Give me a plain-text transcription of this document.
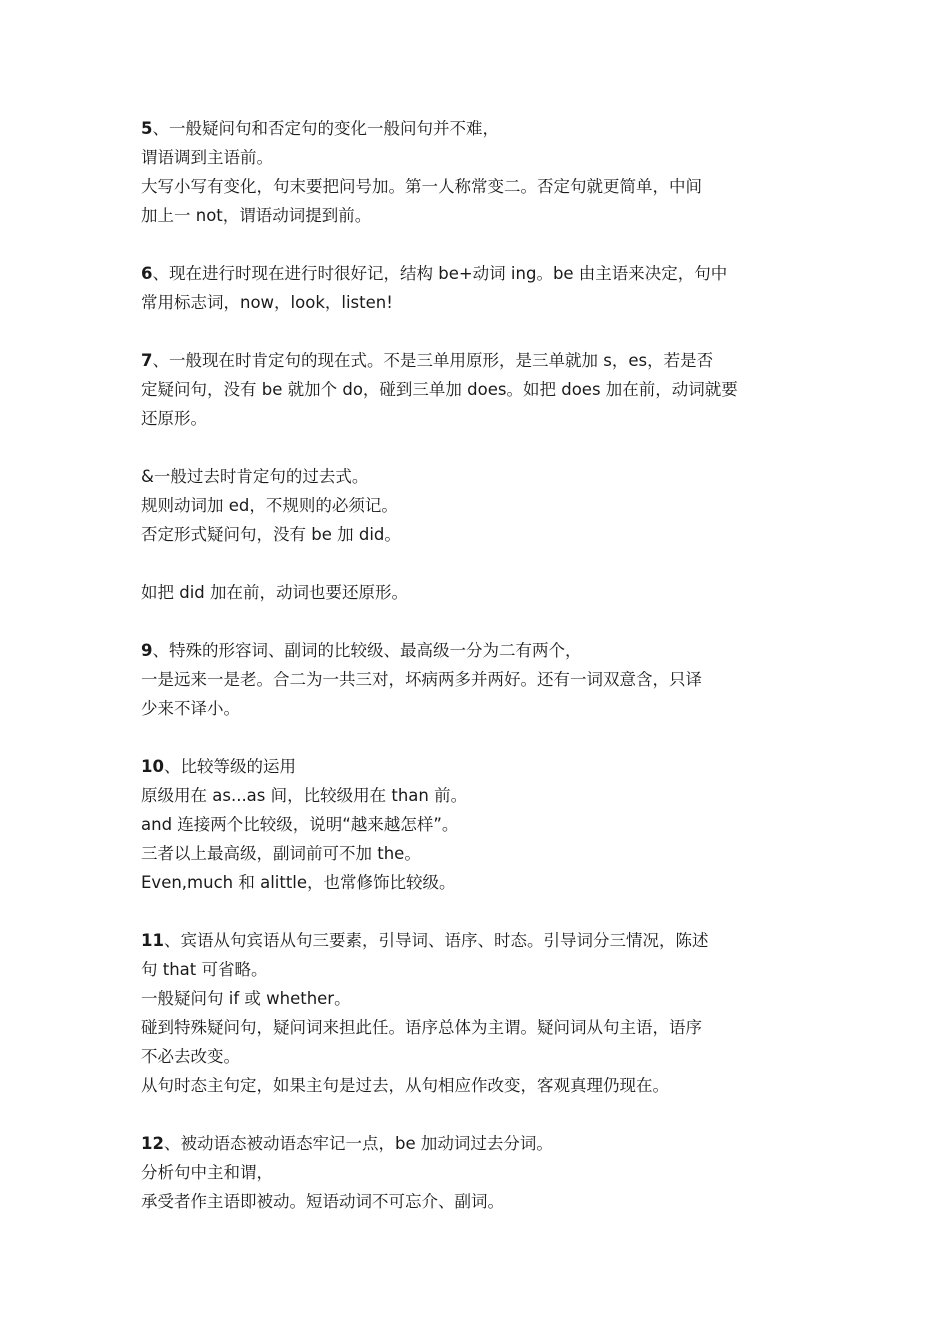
5、一般疑问句和否定句的变化一般问句并不难，
谓语调到主语前。
大写小写有变化，句末要把问号加。第一人称常变二。否定句就更简单，中间
加上一 not，谓语动词提到前。
6、现在进行时现在进行时很好记，结构 be+动词 ing。be 由主语来决定，句中
常用标志词，now，look，listen!
7、一般现在时肯定句的现在式。不是三单用原形，是三单就加 s，es，若是否
定疑问句，没有 be 就加个 do，碰到三单加 does。如把 does 加在前，动词就要
还原形。
&一般过去时肯定句的过去式。
规则动词加 ed，不规则的必须记。
否定形式疑问句，没有 be 加 did。
如把 did 加在前，动词也要还原形。
9、特殊的形容词、副词的比较级、最高级一分为二有两个，
一是远来一是老。合二为一共三对，坏病两多并两好。还有一词双意含，只译
少来不译小。
10、比较等级的运用
原级用在 as...as 间，比较级用在 than 前。
and 连接两个比较级，说明“越来越怎样”。
三者以上最高级，副词前可不加 the。
Even,much 和 alittle，也常修饰比较级。
11、宾语从句宾语从句三要素，引导词、语序、时态。引导词分三情况，陈述
句 that 可省略。
一般疑问句 if 或 whether。
碰到特殊疑问句，疑问词来担此任。语序总体为主谓。疑问词从句主语，语序
不必去改变。
从句时态主句定，如果主句是过去，从句相应作改变，客观真理仍现在。
12、被动语态被动语态牢记一点，be 加动词过去分词。
分析句中主和谓，
承受者作主语即被动。短语动词不可忘介、副词。
